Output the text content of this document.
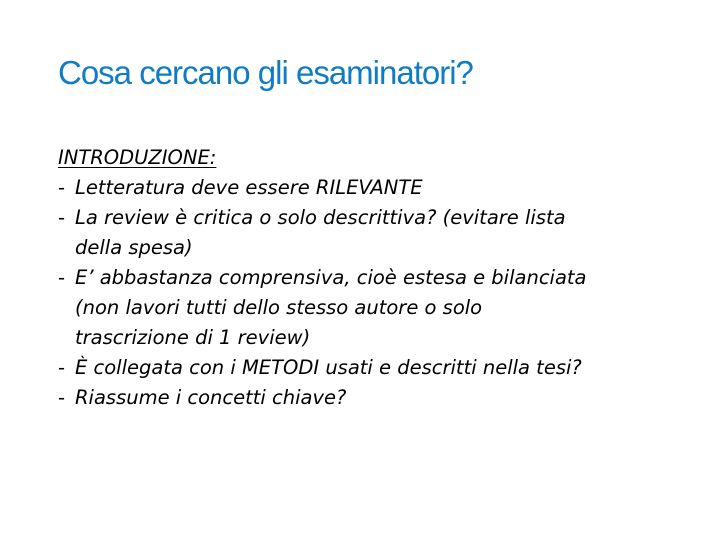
Cosa cercano gli esaminatori?
INTRODUZIONE:
- Letteratura deve essere RILEVANTE
- La review è critica o solo descrittiva? (evitare lista
della spesa)
- E’ abbastanza comprensiva, cioè estesa e bilanciata
(non lavori tutti dello stesso autore o solo
trascrizione di 1 review)
- È collegata con i METODI usati e descritti nella tesi?
- Riassume i concetti chiave?
